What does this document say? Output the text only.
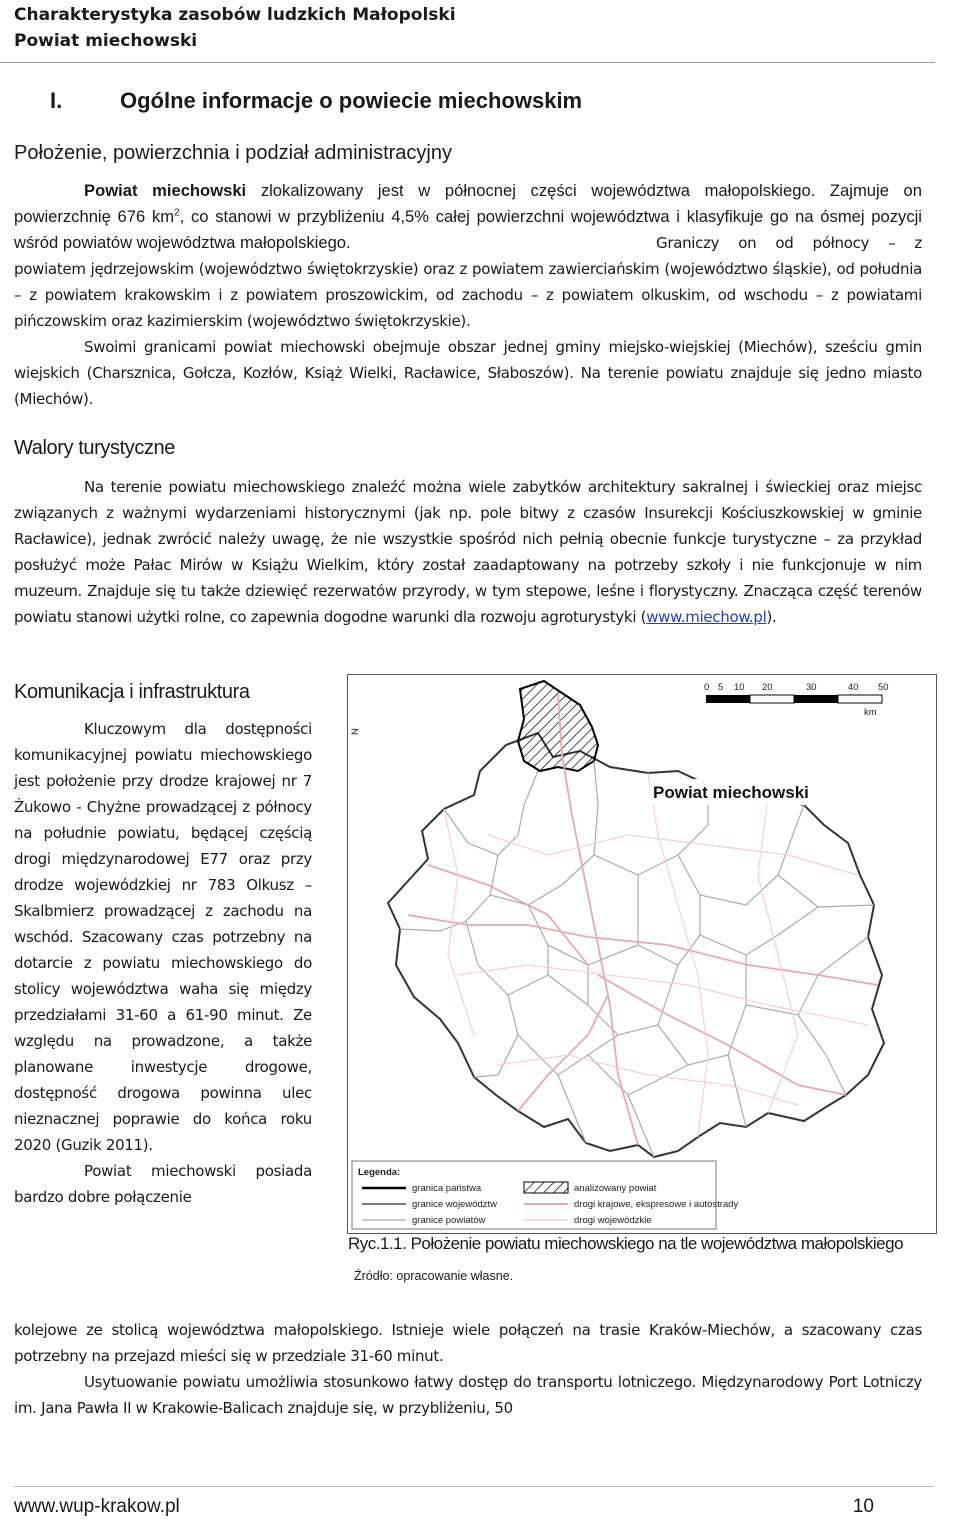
Charakterystyka zasobów ludzkich Małopolski
Powiat miechowski
I.	Ogólne informacje o powiecie miechowskim
Położenie, powierzchnia i podział administracyjny

Powiat miechowski zlokalizowany jest w północnej części województwa małopolskiego. Zajmuje on powierzchnię 676 $km^2$, co stanowi w przybliżeniu 4,5% całej powierzchni województwa i klasyfikuje go na ósmej pozycji wśród powiatów województwa małopolskiego.	Graniczy on od północy – z powiatem jędrzejowskim (województwo świętokrzyskie) oraz z powiatem zawierciańskim (województwo śląskie), od południa – z powiatem krakowskim i z powiatem proszowickim, od zachodu – z powiatem olkuskim, od wschodu – z powiatami pińczowskim oraz kazimierskim (województwo świętokrzyskie).

Swoimi granicami powiat miechowski obejmuje obszar jednej gminy miejsko-wiejskiej (Miechów), sześciu gmin wiejskich (Charsznica, Gołcza, Kozłów, Książ Wielki, Racławice, Słaboszów). Na terenie powiatu znajduje się jedno miasto (Miechów).

Walory turystyczne

Na terenie powiatu miechowskiego znaleźć można wiele zabytków architektury sakralnej i świeckiej oraz miejsc związanych z ważnymi wydarzeniami historycznymi (jak np. pole bitwy z czasów Insurekcji Kościuszkowskiej w gminie Racławice), jednak zwrócić należy uwagę, że nie wszystkie spośród nich pełnią obecnie funkcje turystyczne – za przykład posłużyć może Pałac Mirów w Książu Wielkim, który został zaadaptowany na potrzeby szkoły i nie funkcjonuje w nim muzeum. Znajduje się tu także dziewięć rezerwatów przyrody, w tym stepowe, leśne i florystyczny. Znacząca część terenów powiatu stanowi użytki rolne, co zapewnia dogodne warunki dla rozwoju agroturystyki (www.miechow.pl).

Komunikacja i infrastruktura

Kluczowym dla dostępności komunikacyjnej powiatu miechowskiego jest położenie przy drodze krajowej nr 7 Żukowo - Chyżne prowadzącej z północy na południe powiatu, będącej częścią drogi międzynarodowej E77 oraz przy drodze wojewódzkiej nr 783 Olkusz – Skalbmierz prowadzącej z zachodu na wschód. Szacowany czas potrzebny na dotarcie z powiatu miechowskiego do stolicy województwa waha się między przedziałami 31-60 a 61-90 minut. Ze względu na prowadzone, a także planowane inwestycje drogowe, dostępność drogowa powinna ulec nieznacznej poprawie do końca roku 2020 (Guzik 2011).

Powiat miechowski posiada bardzo dobre połączenie

N
0 5 10 20	30	40 50
km
Powiat miechowski
Legenda:
granica państwa
granice województw
granice powiatów
analizowany powiat
drogi krajowe, ekspresowe i autostrady
drogi wojewódzkie
Ryc.1.1. Położenie powiatu miechowskiego na tle województwa małopolskiego
Źródło: opracowanie własne.

kolejowe ze stolicą województwa małopolskiego. Istnieje wiele połączeń na trasie Kraków-Miechów, a szacowany czas potrzebny na przejazd mieści się w przedziale 31-60 minut.

Usytuowanie powiatu umożliwia stosunkowo łatwy dostęp do transportu lotniczego. Międzynarodowy Port Lotniczy im. Jana Pawła II w Krakowie-Balicach znajduje się, w przybliżeniu, 50

www.wup-krakow.pl	10
